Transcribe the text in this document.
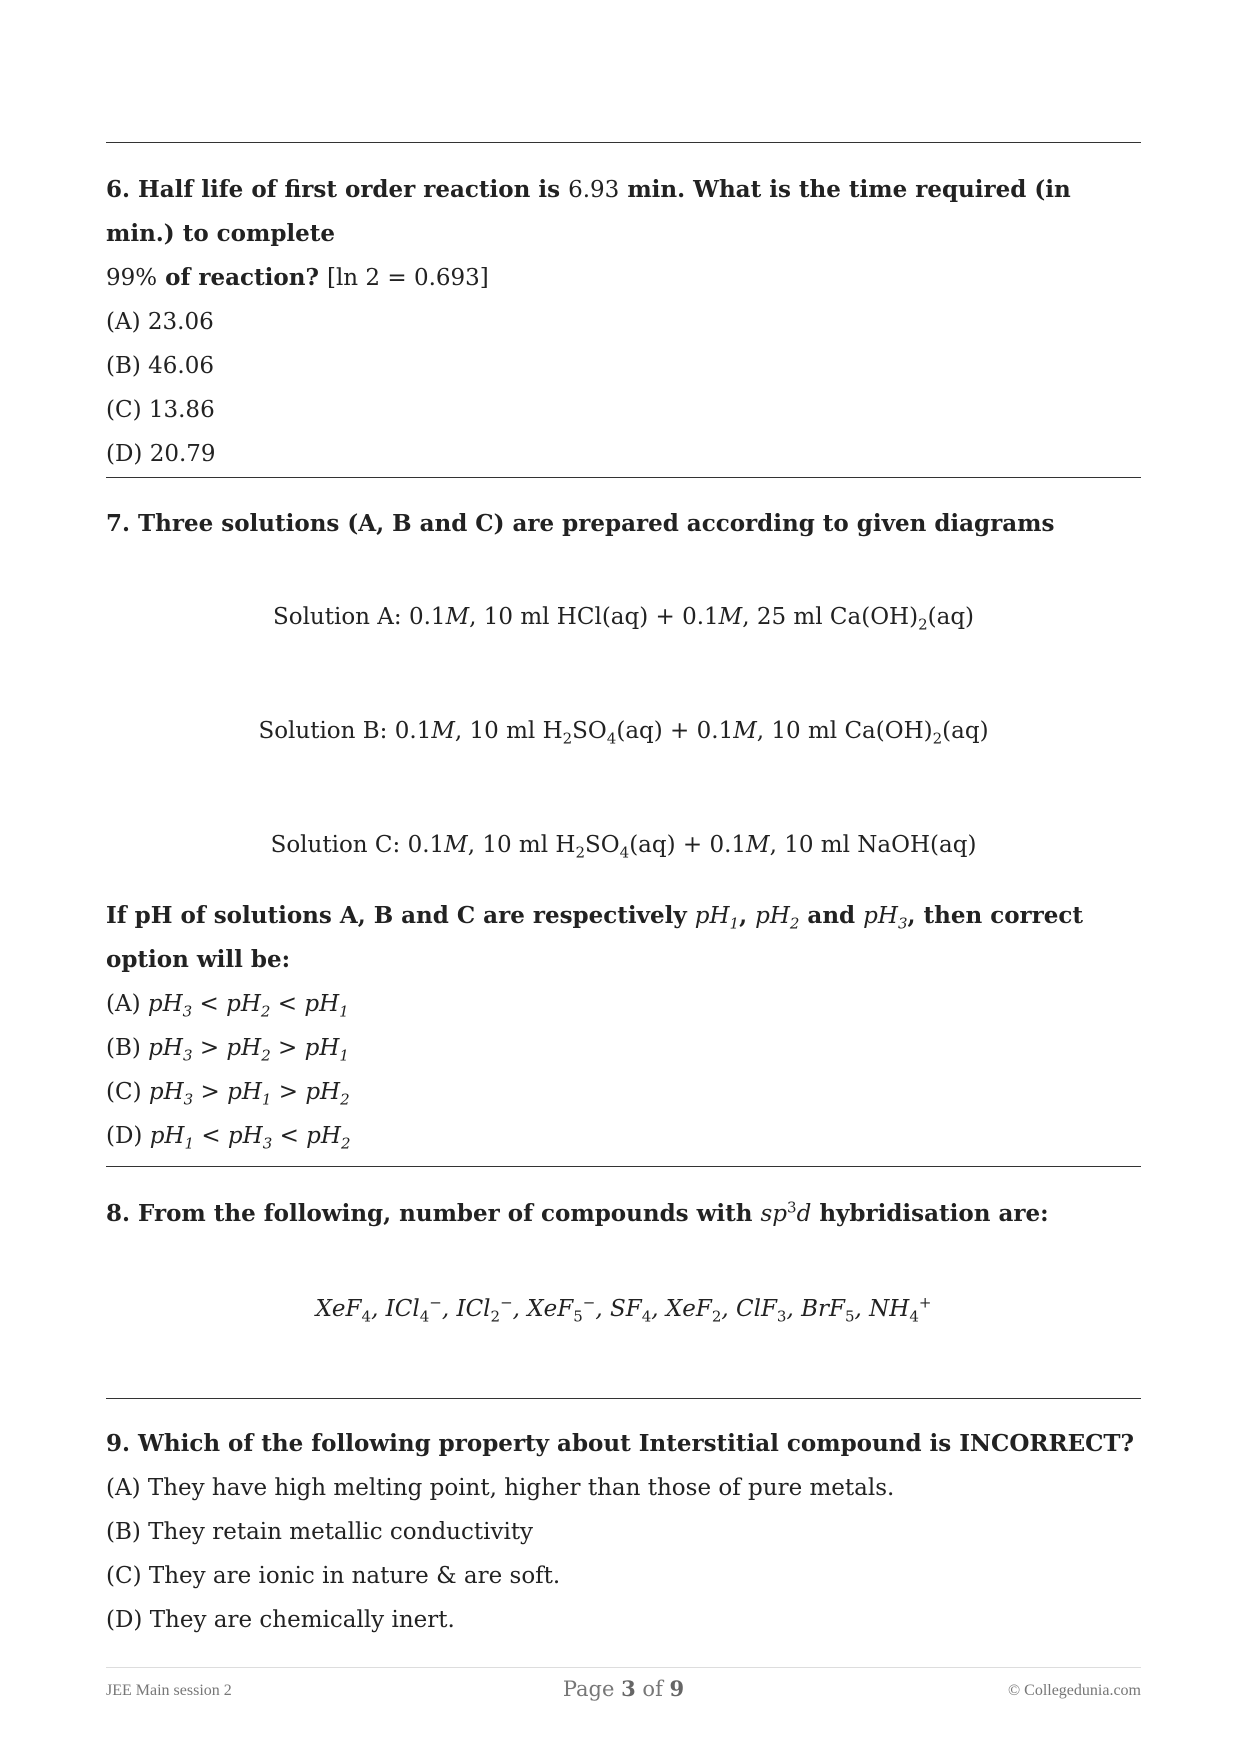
6. Half life of first order reaction is 6.93 min. What is the time required (in min.) to complete
99% of reaction? [ln 2 = 0.693]
(A) 23.06
(B) 46.06
(C) 13.86
(D) 20.79
7. Three solutions (A, B and C) are prepared according to given diagrams
Solution A: 0.1M, 10 ml HCl(aq) + 0.1M, 25 ml $Ca(OH)_2(aq)$
Solution B: 0.1M, 10 ml $H_2SO_4(aq) + 0.1M$, 10 ml $Ca(OH)_2(aq)$
Solution C: 0.1M, 10 ml $H_2SO_4(aq) + 0.1M$, 10 ml NaOH(aq)
If pH of solutions A, B and C are respectively $pH_1$, $pH_2$ and $pH_3$, then correct option will be:
(A) $pH_3 < pH_2 < pH_1$
(B) $pH_3 > pH_2 > pH_1$
(C) $pH_3 > pH_1 > pH_2$
(D) $pH_1 < pH_3 < pH_2$
8. From the following, number of compounds with $sp^3d$ hybridisation are:
XeF$_4$, ICl$_4$−, ICl$_2$−, XeF$_5$−, $SF_4$, XeF$_2$, ClF$_3$, BrF$_5$, $NH_4^+$
9. Which of the following property about Interstitial compound is INCORRECT?
(A) They have high melting point, higher than those of pure metals.
(B) They retain metallic conductivity
(C) They are ionic in nature & are soft.
(D) They are chemically inert.
JEE Main session 2	Page 3 of 9	© Collegedunia.com
